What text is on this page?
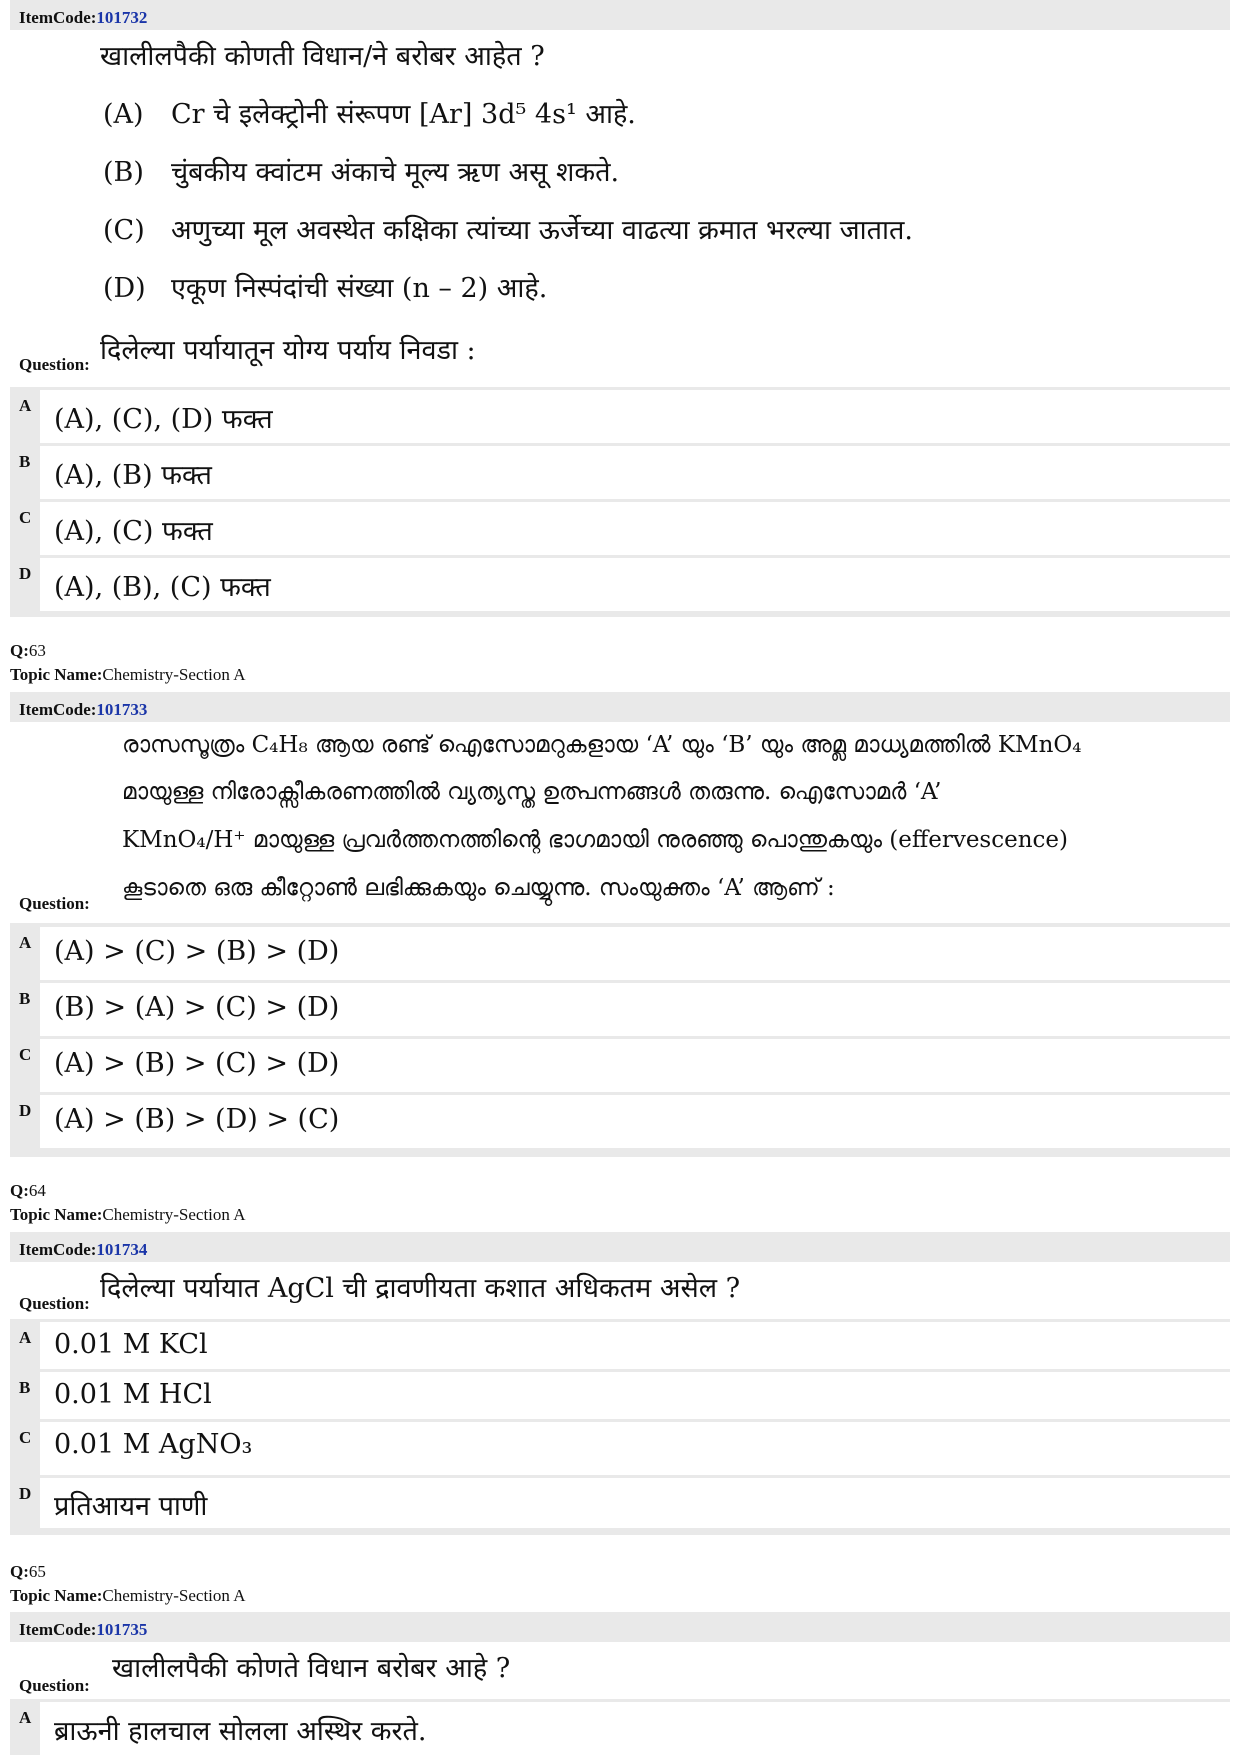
ItemCode:101732
खालीलपैकी कोणती विधान/ने बरोबर आहेत ?
(A) Cr चे इलेक्ट्रोनी संरूपण [Ar] 3d⁵ 4s¹ आहे.
(B) चुंबकीय क्वांटम अंकाचे मूल्य ऋण असू शकते.
(C) अणुच्या मूल अवस्थेत कक्षिका त्यांच्या ऊर्जेच्या वाढत्या क्रमात भरल्या जातात.
(D) एकूण निस्पंदांची संख्या (n – 2) आहे.
Question: दिलेल्या पर्यायातून योग्य पर्याय निवडा :
A (A), (C), (D) फक्त
B (A), (B) फक्त
C (A), (C) फक्त
D (A), (B), (C) फक्त
Q:63
Topic Name:Chemistry-Section A
ItemCode:101733
രാസസൂത്രം C₄H₈ ആയ രണ്ട് ഐസോമറുകളായ ‘A’ യും ‘B’ യും അമ്ല മാധ്യമത്തിൽ KMnO₄
മായുള്ള നിരോക്സീകരണത്തിൽ വ്യത്യസ്ത ഉത്പന്നങ്ങൾ തരുന്നു. ഐസോമർ ‘A’
KMnO₄/H⁺ മായുള്ള പ്രവർത്തനത്തിന്റെ ഭാഗമായി നുരഞ്ഞു പൊന്തുകയും (effervescence)
കൂടാതെ ഒരു കീറ്റോൺ ലഭിക്കുകയും ചെയ്യുന്നു. സംയുക്തം ‘A’ ആണ് :
Question:
A (A) > (C) > (B) > (D)
B (B) > (A) > (C) > (D)
C (A) > (B) > (C) > (D)
D (A) > (B) > (D) > (C)
Q:64
Topic Name:Chemistry-Section A
ItemCode:101734
दिलेल्या पर्यायात AgCl ची द्रावणीयता कशात अधिकतम असेल ?
Question:
A 0.01 M KCl
B 0.01 M HCl
C 0.01 M AgNO₃
D प्रतिआयन पाणी
Q:65
Topic Name:Chemistry-Section A
ItemCode:101735
खालीलपैकी कोणते विधान बरोबर आहे ?
Question:
A ब्राऊनी हालचाल सोलला अस्थिर करते.
